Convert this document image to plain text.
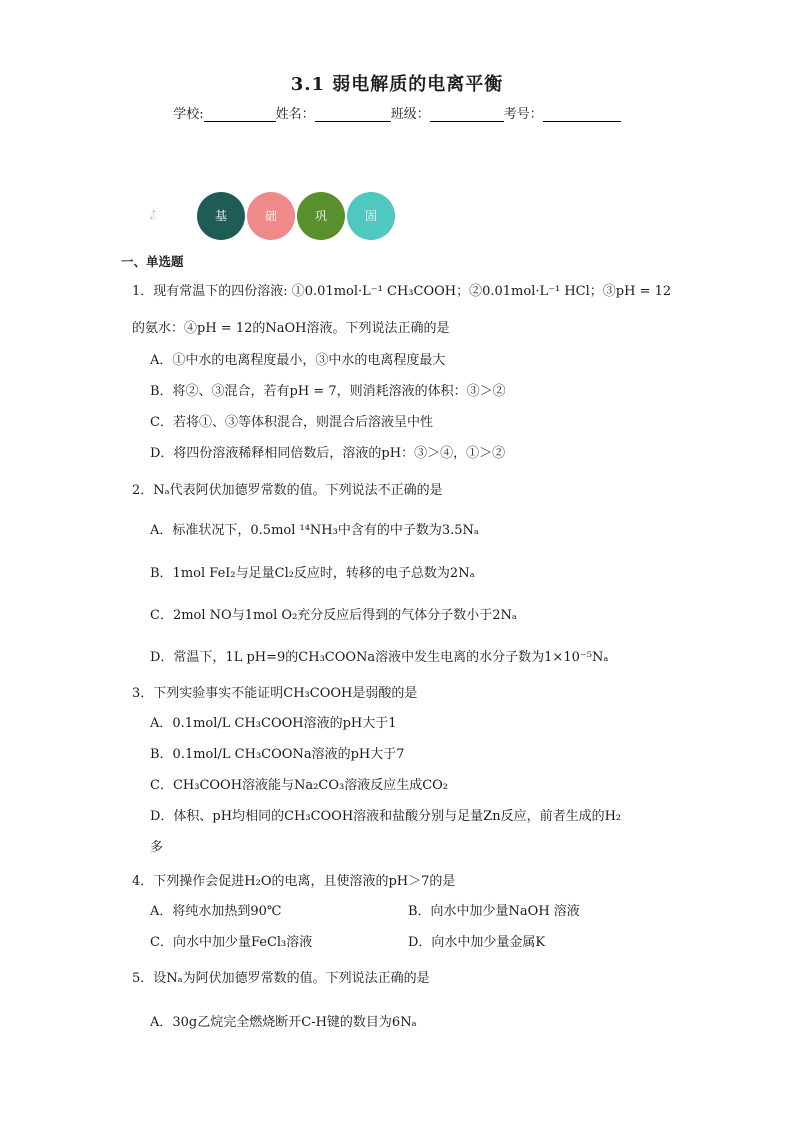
3.1 弱电解质的电离平衡
学校:	姓名：	班级：	考号：
基	础	巩	固
一、单选题
1．现有常温下的四份溶液: ①0.01mol·L⁻¹ CH₃COOH；②0.01mol·L⁻¹ HCl；③pH = 12
的氨水：④pH = 12的NaOH溶液。下列说法正确的是
A．①中水的电离程度最小，③中水的电离程度最大
B．将②、③混合，若有pH = 7，则消耗溶液的体积：③＞②
C．若将①、③等体积混合，则混合后溶液呈中性
D．将四份溶液稀释相同倍数后，溶液的pH：③＞④，①＞②
2．Nₐ代表阿伏加德罗常数的值。下列说法不正确的是
A．标准状况下，0.5mol ¹⁴NH₃中含有的中子数为3.5Nₐ
B．1mol FeI₂与足量Cl₂反应时，转移的电子总数为2Nₐ
C．2mol NO与1mol O₂充分反应后得到的气体分子数小于2Nₐ
D．常温下，1L pH=9的CH₃COONa溶液中发生电离的水分子数为1×10⁻⁵Nₐ
3．下列实验事实不能证明CH₃COOH是弱酸的是
A．0.1mol/L CH₃COOH溶液的pH大于1
B．0.1mol/L CH₃COONa溶液的pH大于7
C．CH₃COOH溶液能与Na₂CO₃溶液反应生成CO₂
D．体积、pH均相同的CH₃COOH溶液和盐酸分别与足量Zn反应，前者生成的H₂
多
4．下列操作会促进H₂O的电离，且使溶液的pH＞7的是
A．将纯水加热到90℃	B．向水中加少量NaOH 溶液
C．向水中加少量FeCl₃溶液	D．向水中加少量金属K
5．设Nₐ为阿伏加德罗常数的值。下列说法正确的是
A．30g乙烷完全燃烧断开C-H键的数目为6Nₐ
